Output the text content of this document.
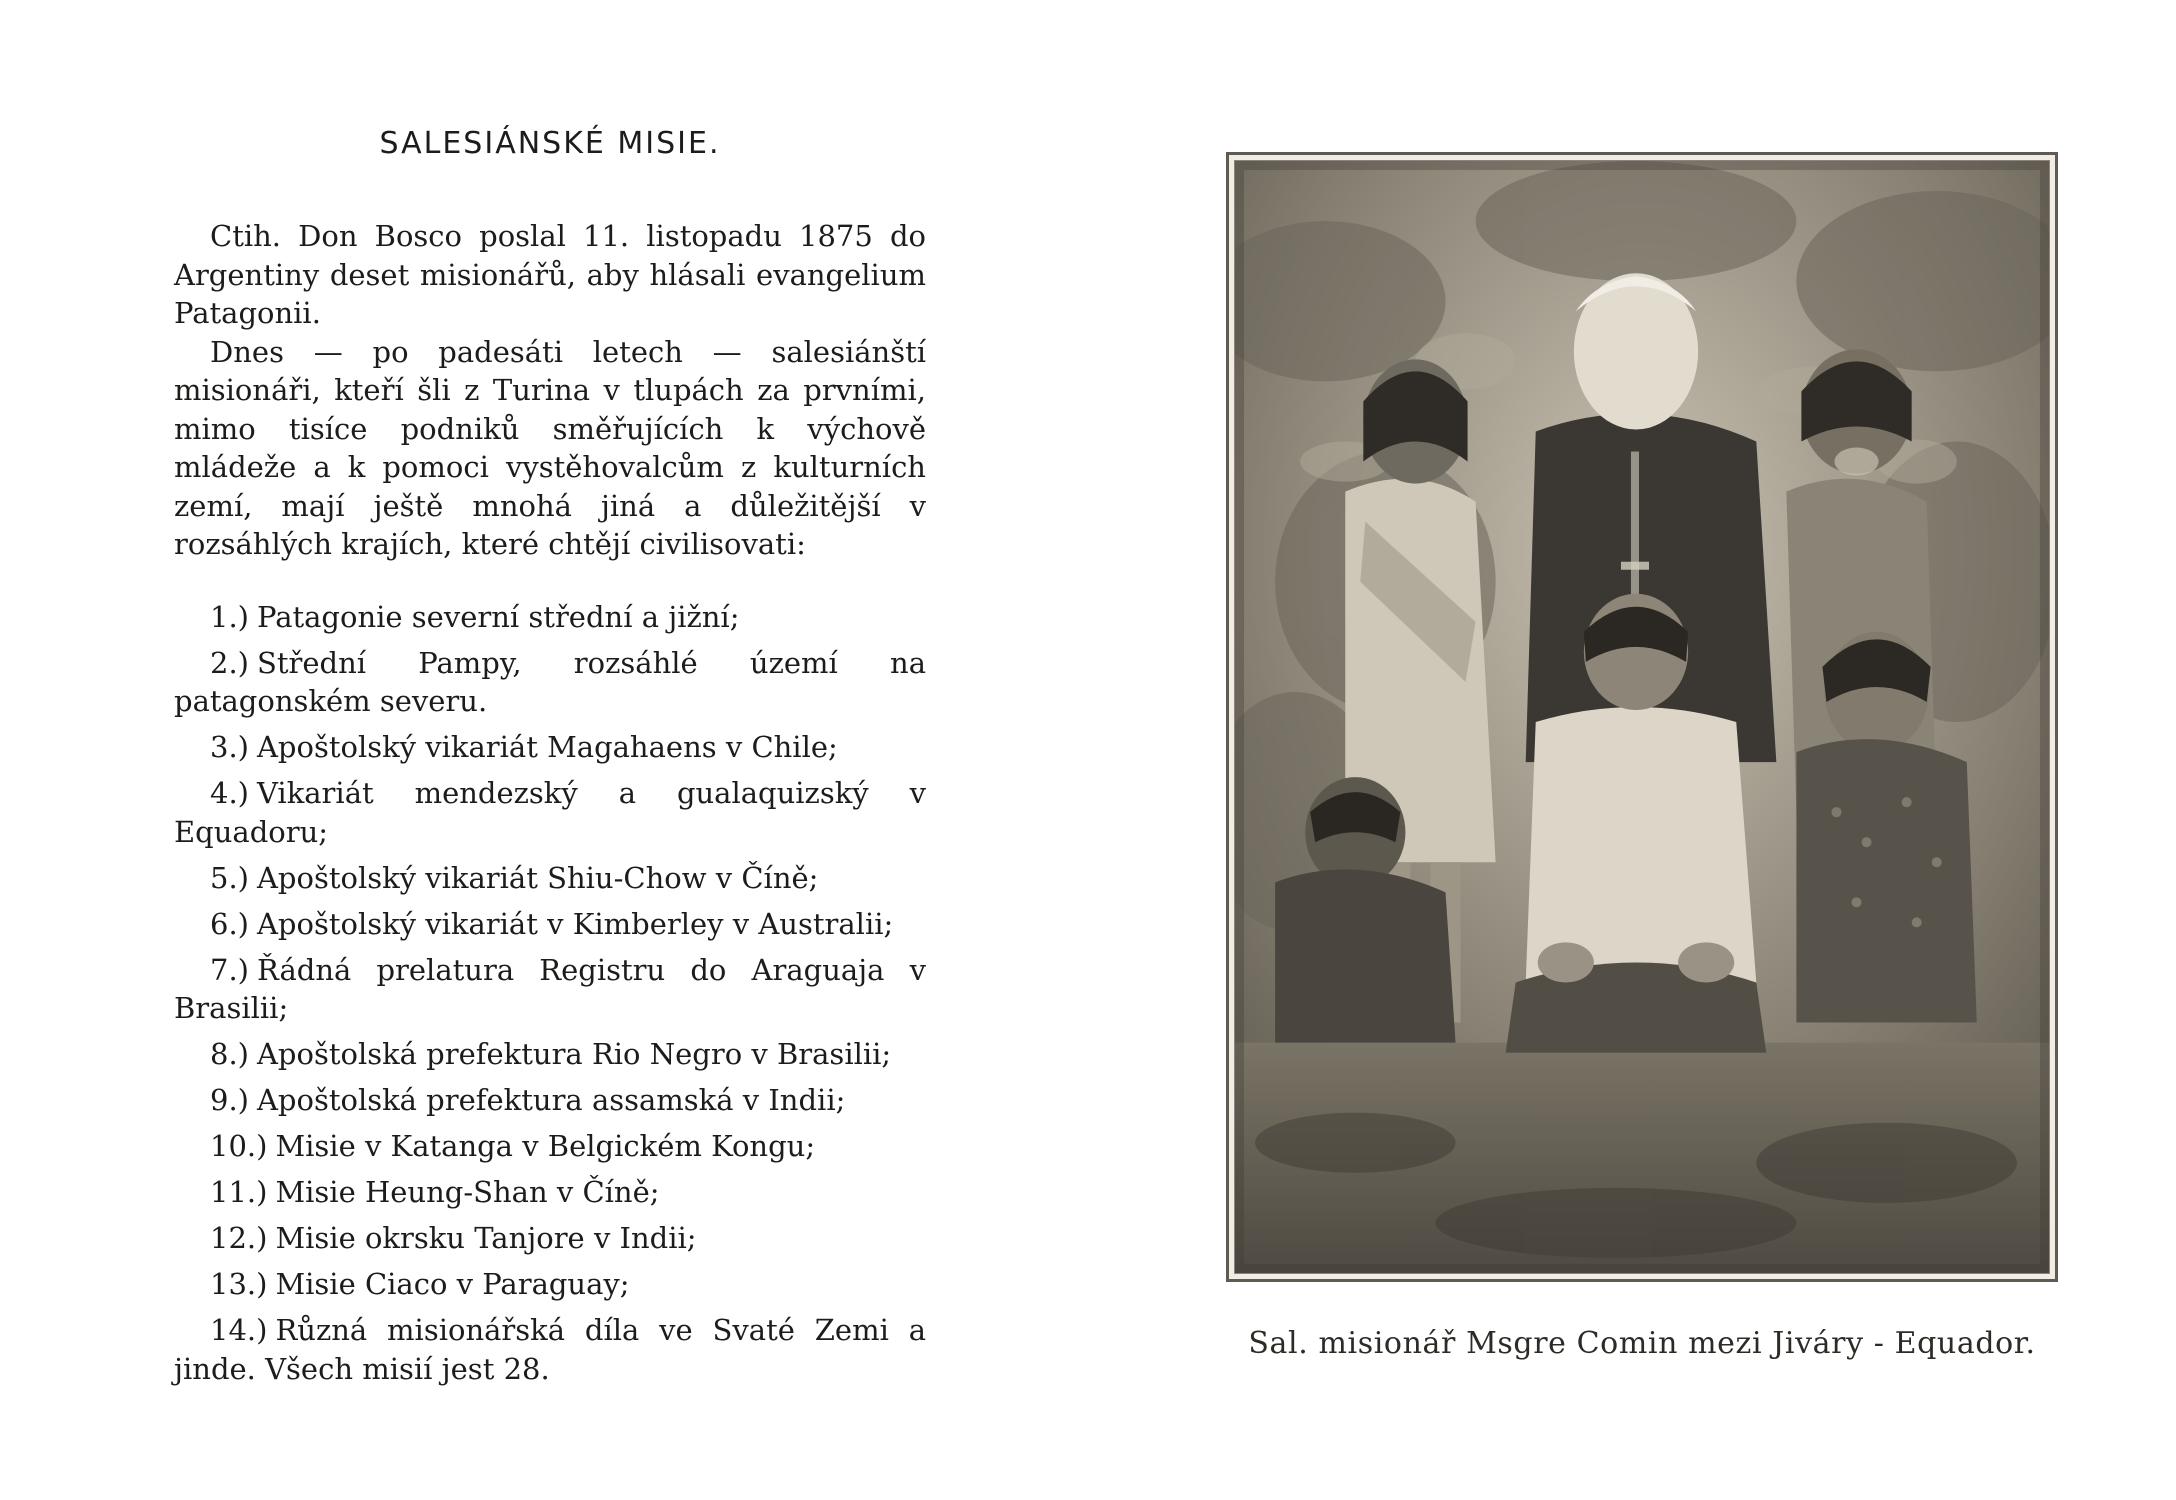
SALESIÁNSKÉ MISIE.

Ctih. Don Bosco poslal 11. listopadu 1875 do Argentiny deset misionářů, aby hlásali evangelium Patagonii.

Dnes — po padesáti letech — salesiánští misionáři, kteří šli z Turina v tlupách za prvními, mimo tisíce podniků směřujících k výchově mládeže a k pomoci vystěhovalcům z kulturních zemí, mají ještě mnohá jiná a důležitější v rozsáhlých krajích, které chtějí civilisovati:

1.) Patagonie severní střední a jižní;
2.) Střední Pampy, rozsáhlé území na patagonském severu.
3.) Apoštolský vikariát Magahaens v Chile;
4.) Vikariát mendezský a gualaquizský v Equadoru;
5.) Apoštolský vikariát Shiu-Chow v Číně;
6.) Apoštolský vikariát v Kimberley v Australii;
7.) Řádná prelatura Registru do Araguaja v Brasilii;
8.) Apoštolská prefektura Rio Negro v Brasilii;
9.) Apoštolská prefektura assamská v Indii;
10.) Misie v Katanga v Belgickém Kongu;
11.) Misie Heung-Shan v Číně;
12.) Misie okrsku Tanjore v Indii;
13.) Misie Ciaco v Paraguay;
14.) Různá misionářská díla ve Svaté Zemi a jinde. Všech misií jest 28.

Sal. misionář Msgre Comin mezi Jiváry - Equador.
